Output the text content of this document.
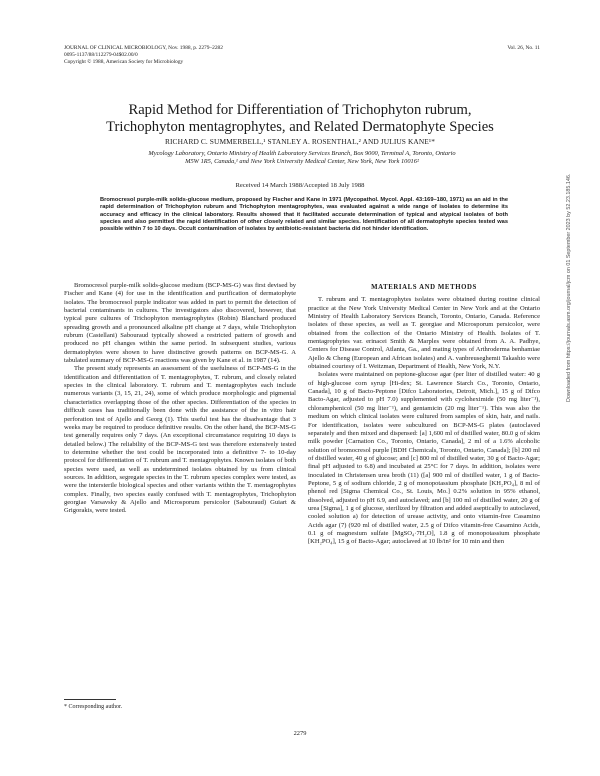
JOURNAL OF CLINICAL MICROBIOLOGY, Nov. 1988, p. 2279–2282	Vol. 26, No. 11
0095-1137/88/112279-04$02.00/0
Copyright © 1988, American Society for Microbiology
Rapid Method for Differentiation of Trichophyton rubrum,
Trichophyton mentagrophytes, and Related Dermatophyte Species
RICHARD C. SUMMERBELL,¹ STANLEY A. ROSENTHAL,² AND JULIUS KANE¹*
Mycology Laboratory, Ontario Ministry of Health Laboratory Services Branch, Box 9000, Terminal A, Toronto, Ontario
M5W 1R5, Canada,¹ and New York University Medical Center, New York, New York 10016²
Received 14 March 1988/Accepted 18 July 1988
Bromocresol purple-milk solids-glucose medium, proposed by Fischer and Kane in 1971 (Mycopathol. Mycol. Appl. 43:169–180, 1971) as an aid in the rapid determination of Trichophyton rubrum and Trichophyton mentagrophytes, was evaluated against a wide range of isolates to determine its accuracy and efficacy in the clinical laboratory. Results showed that it facilitated accurate determination of typical and atypical isolates of both species and also permitted the rapid identification of other closely related and similar species. Identification of all dermatophyte species tested was possible within 7 to 10 days. Occult contamination of isolates by antibiotic-resistant bacteria did not hinder identification.

Bromocresol purple-milk solids-glucose medium (BCP-MS-G) was first devised by Fischer and Kane (4) for use in the identification and purification of dermatophyte isolates. The bromocresol purple indicator was added in part to permit the detection of bacterial contaminants in cultures. The investigators also discovered, however, that typical pure cultures of Trichophyton mentagrophytes (Robin) Blanchard produced spreading growth and a pronounced alkaline pH change at 7 days, while Trichophyton rubrum (Castellani) Sabouraud typically showed a restricted pattern of growth and produced no pH changes within the same period. In subsequent studies, various dermatophytes were shown to have distinctive growth patterns on BCP-MS-G. A tabulated summary of BCP-MS-G reactions was given by Kane et al. in 1987 (14).

The present study represents an assessment of the usefulness of BCP-MS-G in the identification and differentiation of T. mentagrophytes, T. rubrum, and closely related species in the clinical laboratory. T. rubrum and T. mentagrophytes each include numerous variants (3, 15, 21, 24), some of which produce morphologic and pigmental characteristics overlapping those of the other species. Differentiation of the species in difficult cases has traditionally been done with the assistance of the in vitro hair perforation test of Ajello and Georg (1). This useful test has the disadvantage that 3 weeks may be required to produce definitive results. On the other hand, the BCP-MS-G test generally requires only 7 days. (An exceptional circumstance requiring 10 days is detailed below.) The reliability of the BCP-MS-G test was therefore extensively tested to determine whether the test could be incorporated into a definitive 7- to 10-day protocol for differentiation of T. rubrum and T. mentagrophytes. Known isolates of both species were used, as well as undetermined isolates obtained by us from clinical sources. In addition, segregate species in the T. rubrum species complex were tested, as were the intersterile biological species and other variants within the T. mentagrophytes complex. Finally, two species easily confused with T. mentagrophytes, Trichophyton georgiae Varsavsky & Ajello and Microsporum persicolor (Sabouraud) Guiart & Grigorakis, were tested.

MATERIALS AND METHODS

T. rubrum and T. mentagrophytes isolates were obtained during routine clinical practice at the New York University Medical Center in New York and at the Ontario Ministry of Health Laboratory Services Branch, Toronto, Ontario, Canada. Reference isolates of these species, as well as T. georgiae and Microsporum persicolor, were obtained from the collection of the Ontario Ministry of Health. Isolates of T. mentagrophytes var. erinacei Smith & Marples were obtained from A. A. Padhye, Centers for Disease Control, Atlanta, Ga., and mating types of Arthroderma benhamiae Ajello & Cheng (European and African isolates) and A. vanbreuseghemii Takashio were obtained courtesy of I. Weitzman, Department of Health, New York, N.Y.

Isolates were maintained on peptone-glucose agar (per liter of distilled water: 40 g of high-glucose corn syrup [Hi-dex; St. Lawrence Starch Co., Toronto, Ontario, Canada], 10 g of Bacto-Peptone [Difco Laboratories, Detroit, Mich.], 15 g of Difco Bacto-Agar, adjusted to pH 7.0) supplemented with cycloheximide (50 mg liter⁻¹), chloramphenicol (50 mg liter⁻¹), and gentamicin (20 mg liter⁻¹). This was also the medium on which clinical isolates were cultured from samples of skin, hair, and nails. For identification, isolates were subcultured on BCP-MS-G plates (autoclaved separately and then mixed and dispensed: [a] 1,600 ml of distilled water, 80.0 g of skim milk powder [Carnation Co., Toronto, Ontario, Canada], 2 ml of a 1.6% alcoholic solution of bromocresol purple [BDH Chemicals, Toronto, Ontario, Canada]; [b] 200 ml of distilled water, 40 g of glucose; and [c] 800 ml of distilled water, 30 g of Bacto-Agar; final pH adjusted to 6.8) and incubated at 25°C for 7 days. In addition, isolates were inoculated in Christensen urea broth (11) ([a] 900 ml of distilled water, 1 g of Bacto-Peptone, 5 g of sodium chloride, 2 g of monopotassium phosphate [KH₂PO₄], 8 ml of phenol red [Sigma Chemical Co., St. Louis, Mo.] 0.2% solution in 95% ethanol, dissolved, adjusted to pH 6.9, and autoclaved; and [b] 100 ml of distilled water, 20 g of urea [Sigma], 1 g of glucose, sterilized by filtration and added aseptically to autoclaved, cooled solution a) for detection of urease activity, and onto vitamin-free Casamino Acids agar (7) (920 ml of distilled water, 2.5 g of Difco vitamin-free Casamino Acids, 0.1 g of magnesium sulfate [MgSO₄·7H₂O], 1.8 g of monopotassium phosphate [KH₂PO₄], 15 g of Bacto-Agar; autoclaved at 10 lb/in² for 10 min and then

* Corresponding author.
2279
Downloaded from https://journals.asm.org/journal/jcm on 01 September 2023 by 52.23.185.146.
